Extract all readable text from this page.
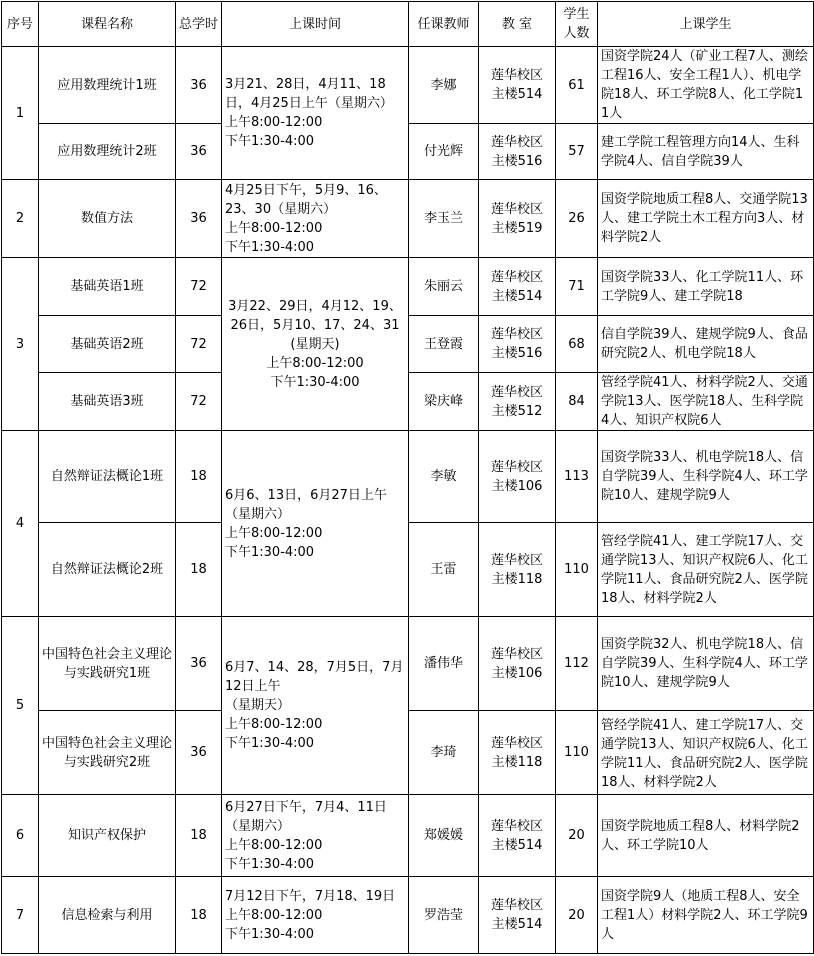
序号	课程名称	总学时	上课时间	任课教师	教 室	学生人数	上课学生
1	应用数理统计1班	36	3月21、28日，4月11、18日，4月25日上午（星期六）
上午8:00-12:00
下午1:30-4:00	李娜	莲华校区
主楼514	61	国资学院24人（矿业工程7人、测绘工程16人、安全工程1人）、机电学院18人、环工学院8人、化工学院11人
	应用数理统计2班	36		付光辉	莲华校区
主楼516	57	建工学院工程管理方向14人、生科学院4人、信自学院39人
2	数值方法	36	4月25日下午，5月9、16、23、30（星期六）
上午8:00-12:00
下午1:30-4:00	李玉兰	莲华校区
主楼519	26	国资学院地质工程8人、交通学院13人、建工学院土木工程方向3人、材料学院2人
3	基础英语1班	72	3月22、29日，4月12、19、26日，5月10、17、24、31
(星期天)
上午8:00-12:00
下午1:30-4:00	朱丽云	莲华校区
主楼514	71	国资学院33人、化工学院11人、环工学院9人、建工学院18
	基础英语2班	72		王登霞	莲华校区
主楼516	68	信自学院39人、建规学院9人、食品研究院2人、机电学院18人
	基础英语3班	72		梁庆峰	莲华校区
主楼512	84	管经学院41人、材料学院2人、交通学院13人、医学院18人、生科学院4人、知识产权院6人
4	自然辩证法概论1班	18	6月6、13日，6月27日上午（星期六）
上午8:00-12:00
下午1:30-4:00	李敏	莲华校区
主楼106	113	国资学院33人、机电学院18人、信自学院39人、生科学院4人、环工学院10人、建规学院9人
	自然辩证法概论2班	18		王雷	莲华校区
主楼118	110	管经学院41人、建工学院17人、交通学院13人、知识产权院6人、化工学院11人、食品研究院2人、医学院18人、材料学院2人
5	中国特色社会主义理论与实践研究1班	36	6月7、14、28，7月5日，7月12日上午
（星期天）
上午8:00-12:00
下午1:30-4:00	潘伟华	莲华校区
主楼106	112	国资学院32人、机电学院18人、信自学院39人、生科学院4人、环工学院10人、建规学院9人
	中国特色社会主义理论与实践研究2班	36		李琦	莲华校区
主楼118	110	管经学院41人、建工学院17人、交通学院13人、知识产权院6人、化工学院11人、食品研究院2人、医学院18人、材料学院2人

6	知识产权保护	18	6月27日下午，7月4、11日（星期六）
上午8:00-12:00
下午1:30-4:00	郑媛媛	莲华校区
主楼514	20	国资学院地质工程8人、材料学院2人、环工学院10人
7	信息检索与利用	18	7月12日下午，7月18、19日
上午8:00-12:00
下午1:30-4:00	罗浩莹	莲华校区
主楼514	20	国资学院9人（地质工程8人、安全工程1人）材料学院2人、环工学院9人
